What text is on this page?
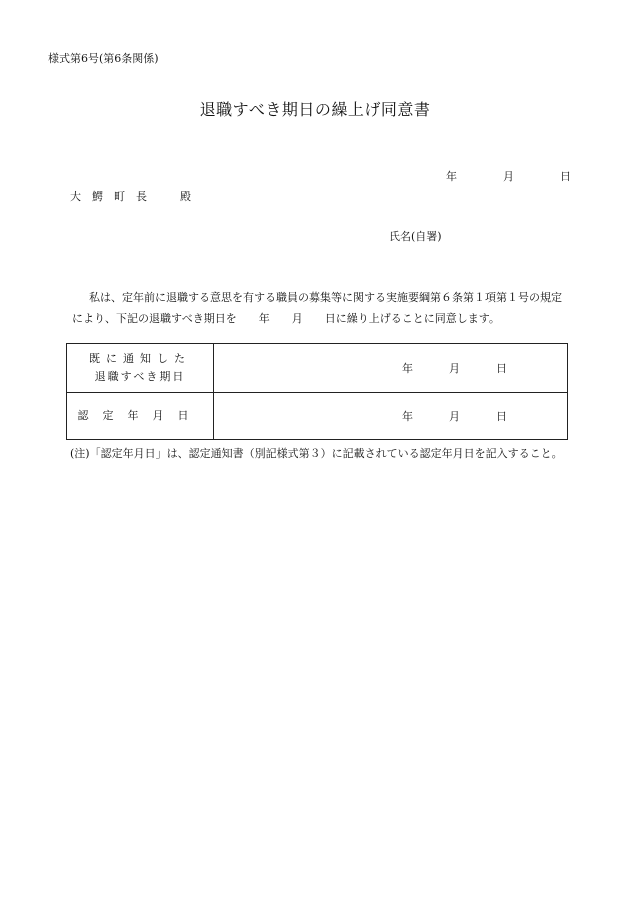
様式第6号(第6条関係)
退職すべき期日の繰上げ同意書
年	月	日
大鰐町長 殿
氏名(自署)
私は、定年前に退職する意思を有する職員の募集等に関する実施要綱第６条第１項第１号の規定により、下記の退職すべき期日を 年 月 日に繰り上げることに同意します。
既に通知した
退職すべき期日	年 月 日
認定年月日	年 月 日
(注)「認定年月日」は、認定通知書（別記様式第３）に記載されている認定年月日を記入すること。
